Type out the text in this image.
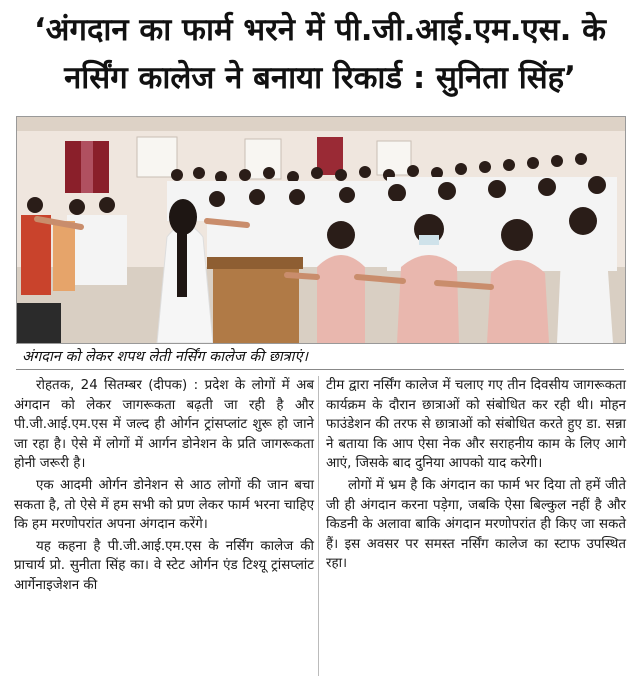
‘अंगदान का फार्म भरने में पी.जी.आई.एम.एस. के
नर्सिंग कालेज ने बनाया रिकार्ड : सुनिता सिंह’
अंगदान को लेकर शपथ लेती नर्सिंग कालेज की छात्राएं।

रोहतक, 24 सितम्बर (दीपक) : प्रदेश के लोगों में अब अंगदान को लेकर जागरूकता बढ़ती जा रही है और पी.जी.आई.एम.एस में जल्द ही ओर्गन ट्रांसप्लांट शुरू हो जाने जा रहा है। ऐसे में लोगों में आर्गन डोनेशन के प्रति जागरूकता होनी जरूरी है।

एक आदमी ओर्गन डोनेशन से आठ लोगों की जान बचा सकता है, तो ऐसे में हम सभी को प्रण लेकर फार्म भरना चाहिए कि हम मरणोपरांत अपना अंगदान करेंगे।

यह कहना है पी.जी.आई.एम.एस के नर्सिंग कालेज की प्राचार्य प्रो. सुनीता सिंह का। वे स्टेट ओर्गन एंड टिश्यू ट्रांसप्लांट आर्गेनाइजेशन की

टीम द्वारा नर्सिंग कालेज में चलाए गए तीन दिवसीय जागरूकता कार्यक्रम के दौरान छात्राओं को संबोधित कर रही थी। मोहन फाउंडेशन की तरफ से छात्राओं को संबोधित करते हुए डा. सन्ना ने बताया कि आप ऐसा नेक और सराहनीय काम के लिए आगे आएं, जिसके बाद दुनिया आपको याद करेगी।

लोगों में भ्रम है कि अंगदान का फार्म भर दिया तो हमें जीते जी ही अंगदान करना पड़ेगा, जबकि ऐसा बिल्कुल नहीं है और किडनी के अलावा बाकि अंगदान मरणोपरांत ही किए जा सकते हैं। इस अवसर पर समस्त नर्सिंग कालेज का स्टाफ उपस्थित रहा।
